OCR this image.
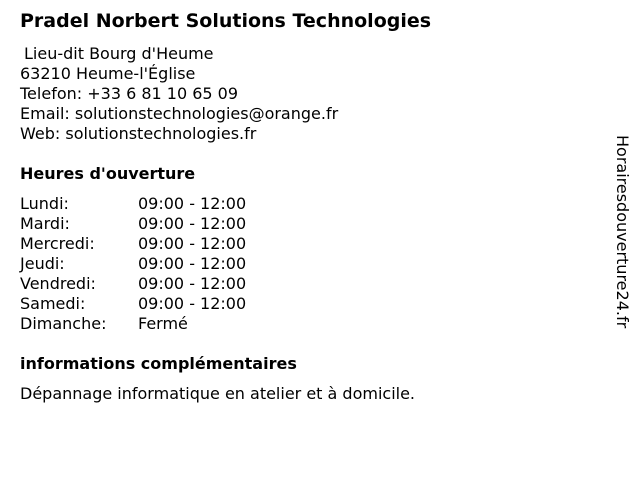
Pradel Norbert Solutions Technologies
Lieu-dit Bourg d'Heume
63210 Heume-l'Église
Telefon: +33 6 81 10 65 09
Email: solutionstechnologies@orange.fr
Web: solutionstechnologies.fr
Heures d'ouverture
Lundi:	09:00 - 12:00
Mardi:	09:00 - 12:00
Mercredi:	09:00 - 12:00
Jeudi:	09:00 - 12:00
Vendredi:	09:00 - 12:00
Samedi:	09:00 - 12:00
Dimanche:	Fermé
informations complémentaires
Dépannage informatique en atelier et à domicile.
Horairesdouverture24.fr
